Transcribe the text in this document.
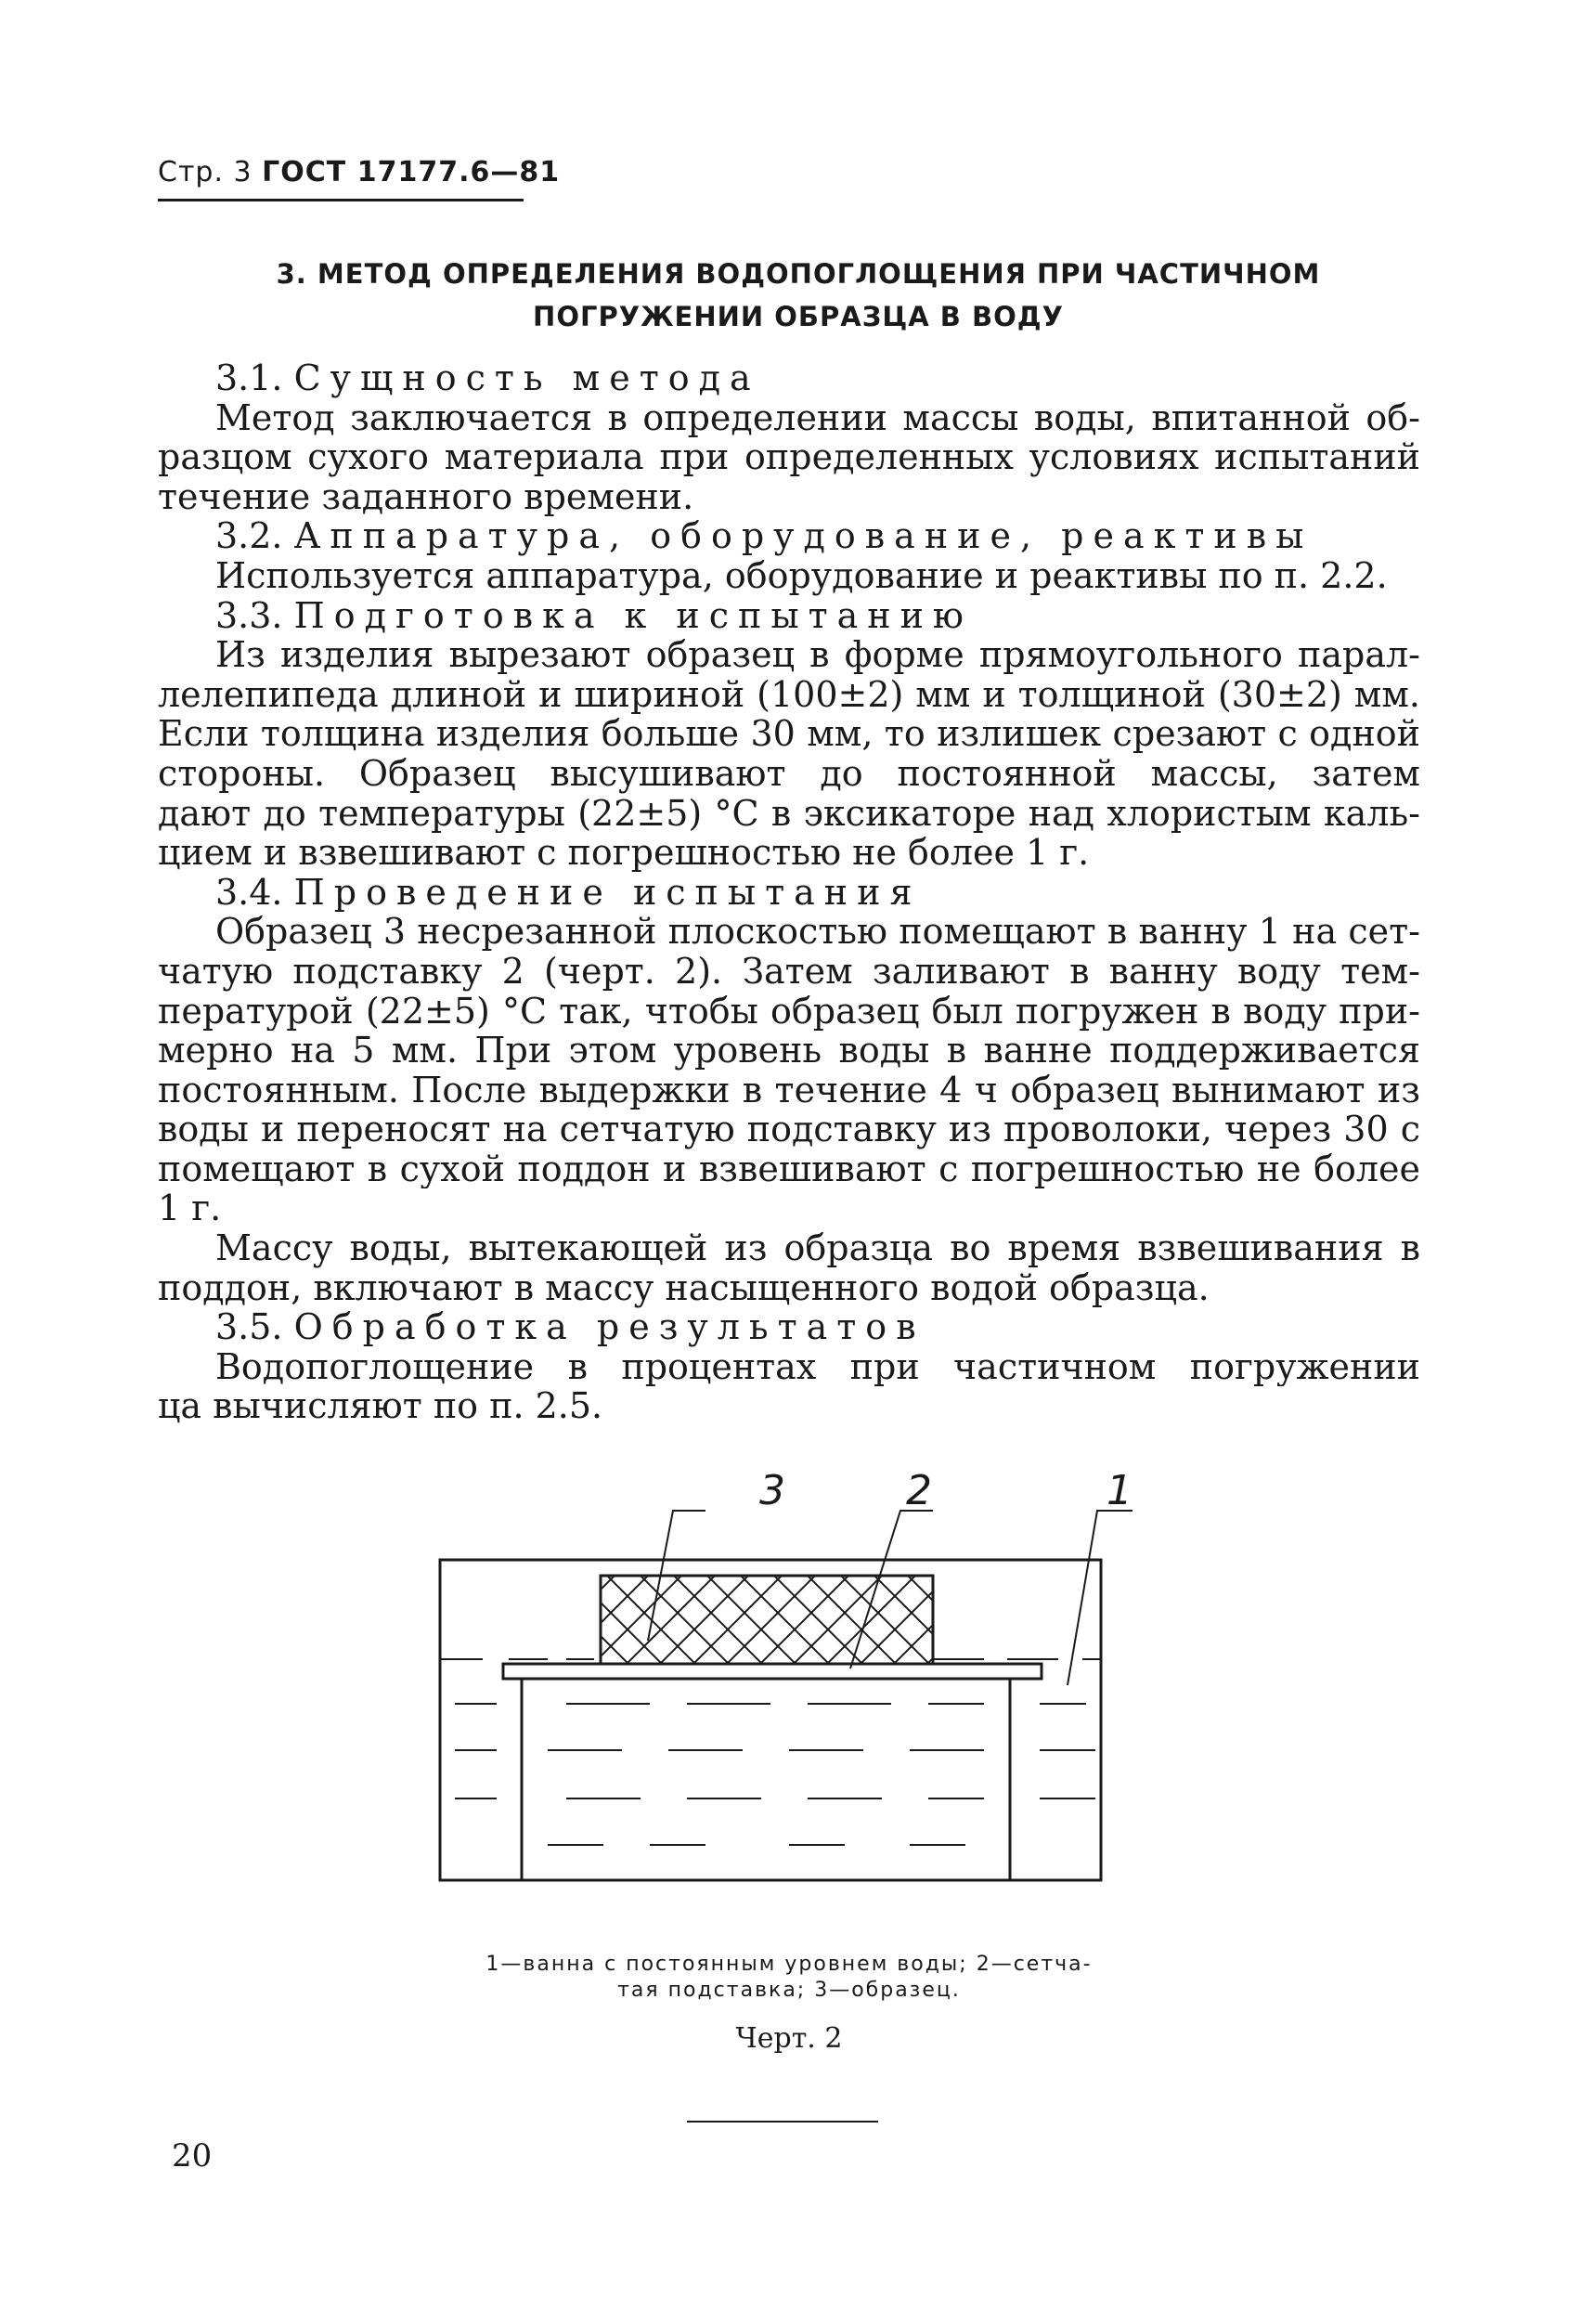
Стр. 3 ГОСТ 17177.6—81
3. МЕТОД ОПРЕДЕЛЕНИЯ ВОДОПОГЛОЩЕНИЯ ПРИ ЧАСТИЧНОМ
ПОГРУЖЕНИИ ОБРАЗЦА В ВОДУ
3.1. Сущность метода
Метод заключается в определении массы воды, впитанной об-
разцом сухого материала при определенных условиях испытаний
течение заданного времени.
3.2. Аппаратура, оборудование, реактивы
Используется аппаратура, оборудование и реактивы по п. 2.2.
3.3. Подготовка к испытанию
Из изделия вырезают образец в форме прямоугольного парал-
лелепипеда длиной и шириной (100±2) мм и толщиной (30±2) мм.
Если толщина изделия больше 30 мм, то излишек срезают с одной
стороны. Образец высушивают до постоянной массы, затем
дают до температуры (22±5) °С в эксикаторе над хлористым каль-
цием и взвешивают с погрешностью не более 1 г.
3.4. Проведение испытания
Образец 3 несрезанной плоскостью помещают в ванну 1 на сет-
чатую подставку 2 (черт. 2). Затем заливают в ванну воду тем-
пературой (22±5) °С так, чтобы образец был погружен в воду при-
мерно на 5 мм. При этом уровень воды в ванне поддерживается
постоянным. После выдержки в течение 4 ч образец вынимают из
воды и переносят на сетчатую подставку из проволоки, через 30 с
помещают в сухой поддон и взвешивают с погрешностью не более
1 г.
Массу воды, вытекающей из образца во время взвешивания в
поддон, включают в массу насыщенного водой образца.
3.5. Обработка результатов
Водопоглощение в процентах при частичном погружении
ца вычисляют по п. 2.5.
3	2	1
1—ванна с постоянным уровнем воды; 2—сетча-
тая подставка; 3—образец.
Черт. 2
20
